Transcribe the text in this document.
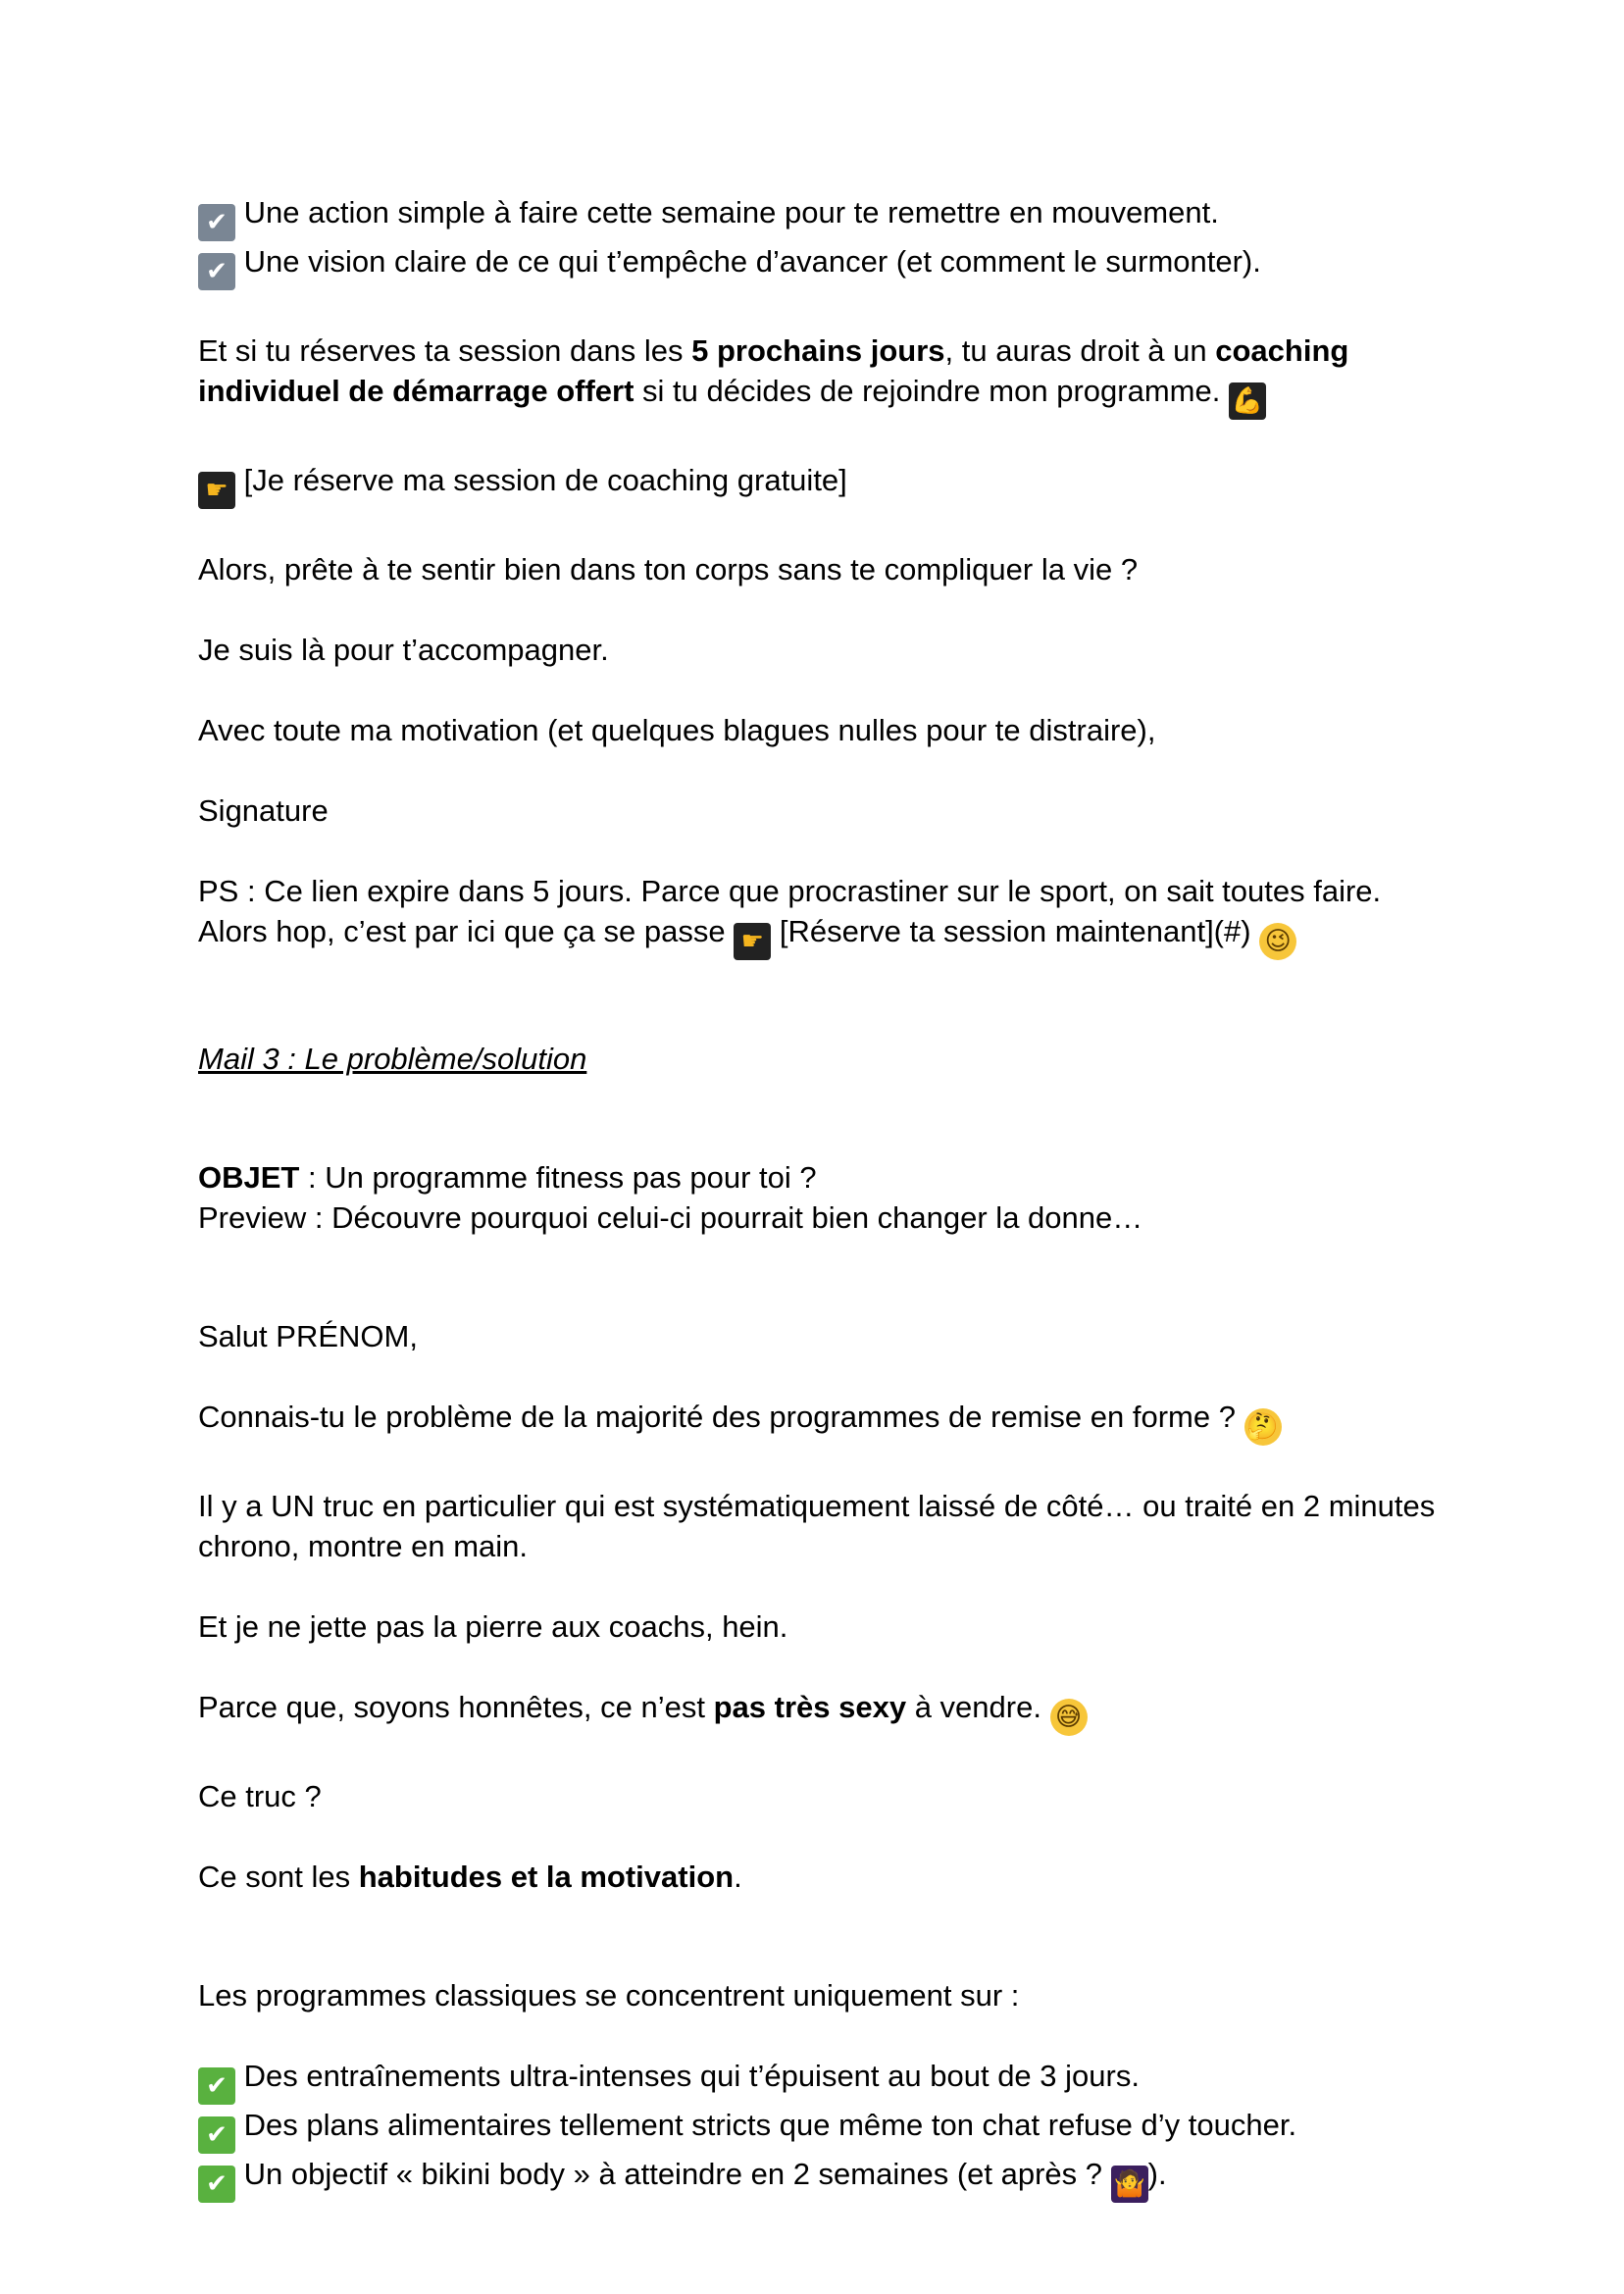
✔ Une action simple à faire cette semaine pour te remettre en mouvement.

✔ Une vision claire de ce qui t’empêche d’avancer (et comment le surmonter).

Et si tu réserves ta session dans les 5 prochains jours, tu auras droit à un coaching

individuel de démarrage offert si tu décides de rejoindre mon programme. 💪

☛ [Je réserve ma session de coaching gratuite]

Alors, prête à te sentir bien dans ton corps sans te compliquer la vie ?

Je suis là pour t’accompagner.

Avec toute ma motivation (et quelques blagues nulles pour te distraire),

Signature

PS : Ce lien expire dans 5 jours. Parce que procrastiner sur le sport, on sait toutes faire.

Alors hop, c’est par ici que ça se passe ☛ [Réserve ta session maintenant](#) 😉

Mail 3 : Le problème/solution

OBJET : Un programme fitness pas pour toi ?

Preview : Découvre pourquoi celui-ci pourrait bien changer la donne…

Salut PRÉNOM,

Connais-tu le problème de la majorité des programmes de remise en forme ? 🤔

Il y a UN truc en particulier qui est systématiquement laissé de côté… ou traité en 2 minutes

chrono, montre en main.

Et je ne jette pas la pierre aux coachs, hein.

Parce que, soyons honnêtes, ce n’est pas très sexy à vendre. 😅

Ce truc ?

Ce sont les habitudes et la motivation.

Les programmes classiques se concentrent uniquement sur :

✔ Des entraînements ultra-intenses qui t’épuisent au bout de 3 jours.

✔ Des plans alimentaires tellement stricts que même ton chat refuse d’y toucher.

✔ Un objectif « bikini body » à atteindre en 2 semaines (et après ? 🤷).
